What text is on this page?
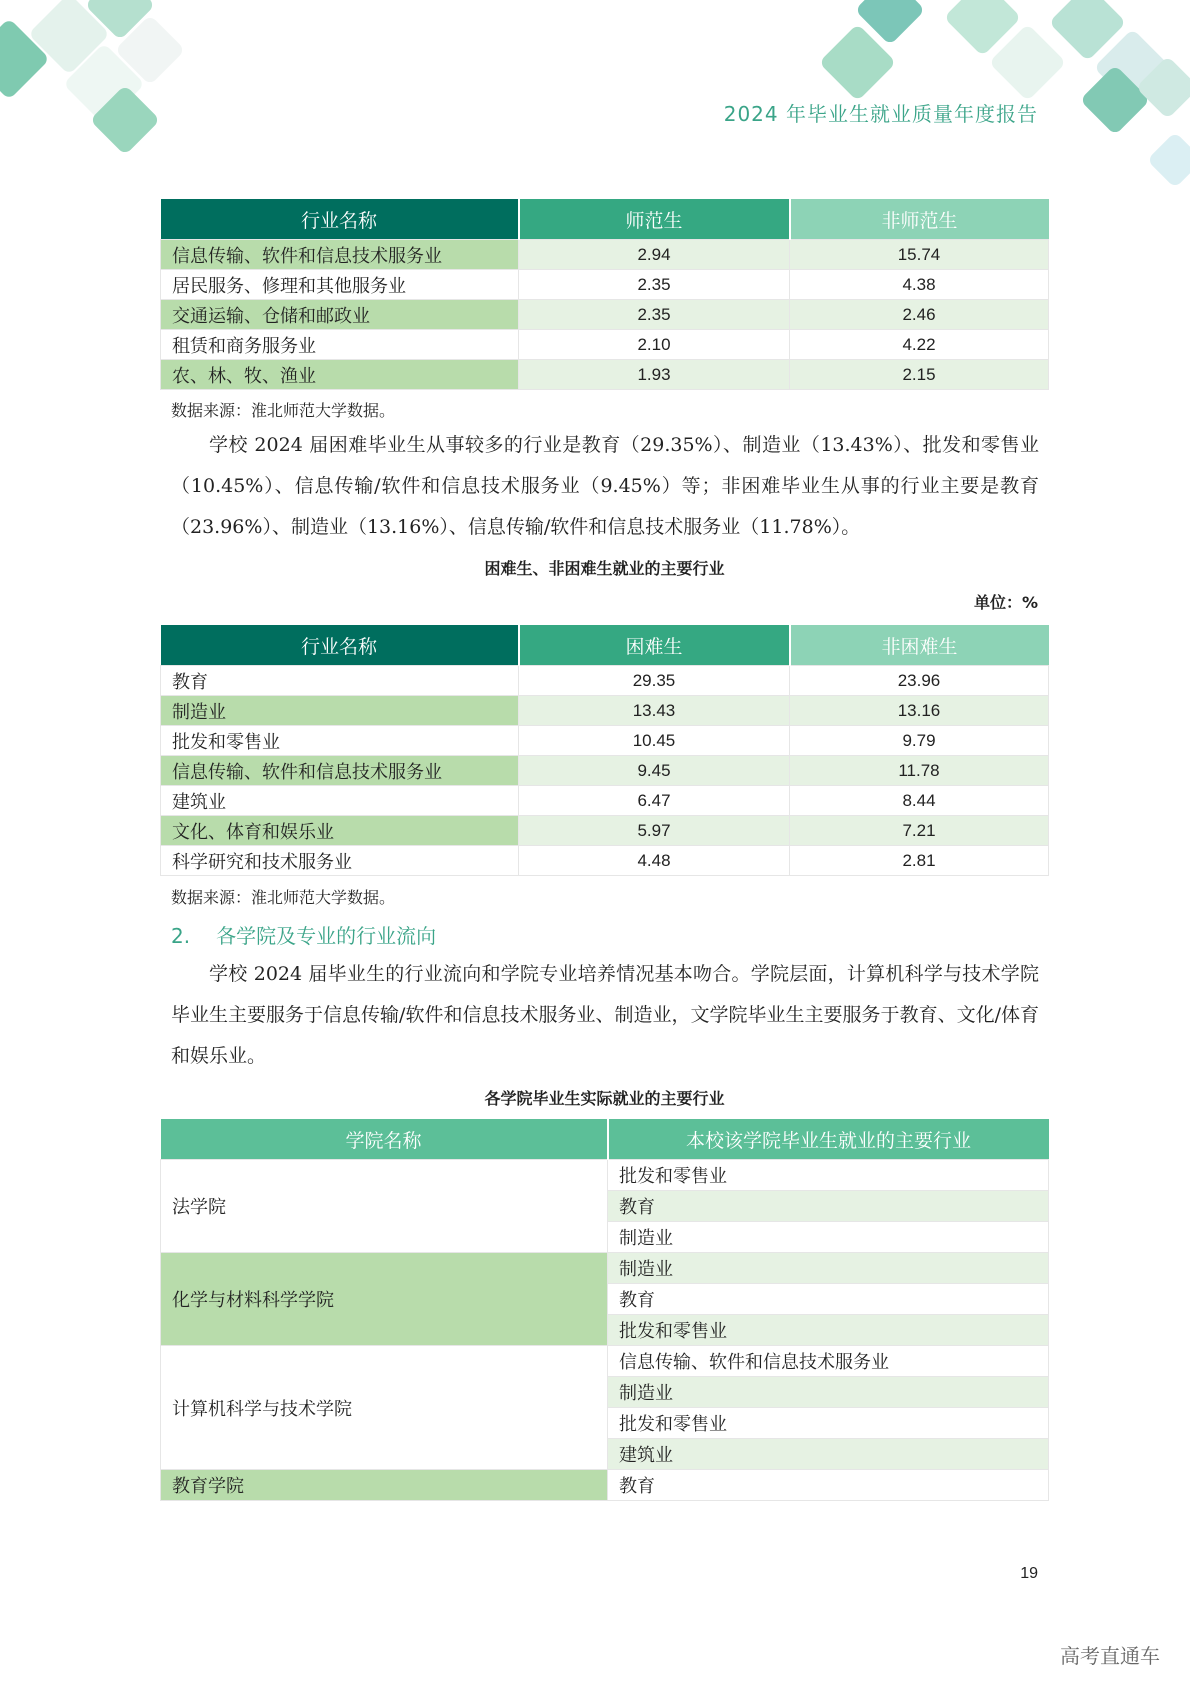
2024 年毕业生就业质量年度报告
行业名称	师范生	非师范生
信息传输、软件和信息技术服务业	2.94	15.74
居民服务、修理和其他服务业	2.35	4.38
交通运输、仓储和邮政业	2.35	2.46
租赁和商务服务业	2.10	4.22
农、林、牧、渔业	1.93	2.15
数据来源：淮北师范大学数据。
学校 2024 届困难毕业生从事较多的行业是教育（29.35%）、制造业（13.43%）、批发和零售业（10.45%）、信息传输/软件和信息技术服务业（9.45%）等；非困难毕业生从事的行业主要是教育（23.96%）、制造业（13.16%）、信息传输/软件和信息技术服务业（11.78%）。
困难生、非困难生就业的主要行业
单位：%
行业名称	困难生	非困难生
教育	29.35	23.96
制造业	13.43	13.16
批发和零售业	10.45	9.79
信息传输、软件和信息技术服务业	9.45	11.78
建筑业	6.47	8.44
文化、体育和娱乐业	5.97	7.21
科学研究和技术服务业	4.48	2.81
数据来源：淮北师范大学数据。
2. 各学院及专业的行业流向
学校 2024 届毕业生的行业流向和学院专业培养情况基本吻合。学院层面，计算机科学与技术学院毕业生主要服务于信息传输/软件和信息技术服务业、制造业，文学院毕业生主要服务于教育、文化/体育和娱乐业。
各学院毕业生实际就业的主要行业
学院名称	本校该学院毕业生就业的主要行业
法学院	批发和零售业
	教育
	制造业
化学与材料科学学院	制造业
	教育
	批发和零售业
计算机科学与技术学院	信息传输、软件和信息技术服务业
	制造业
	批发和零售业
	建筑业
教育学院	教育
19
高考直通车
